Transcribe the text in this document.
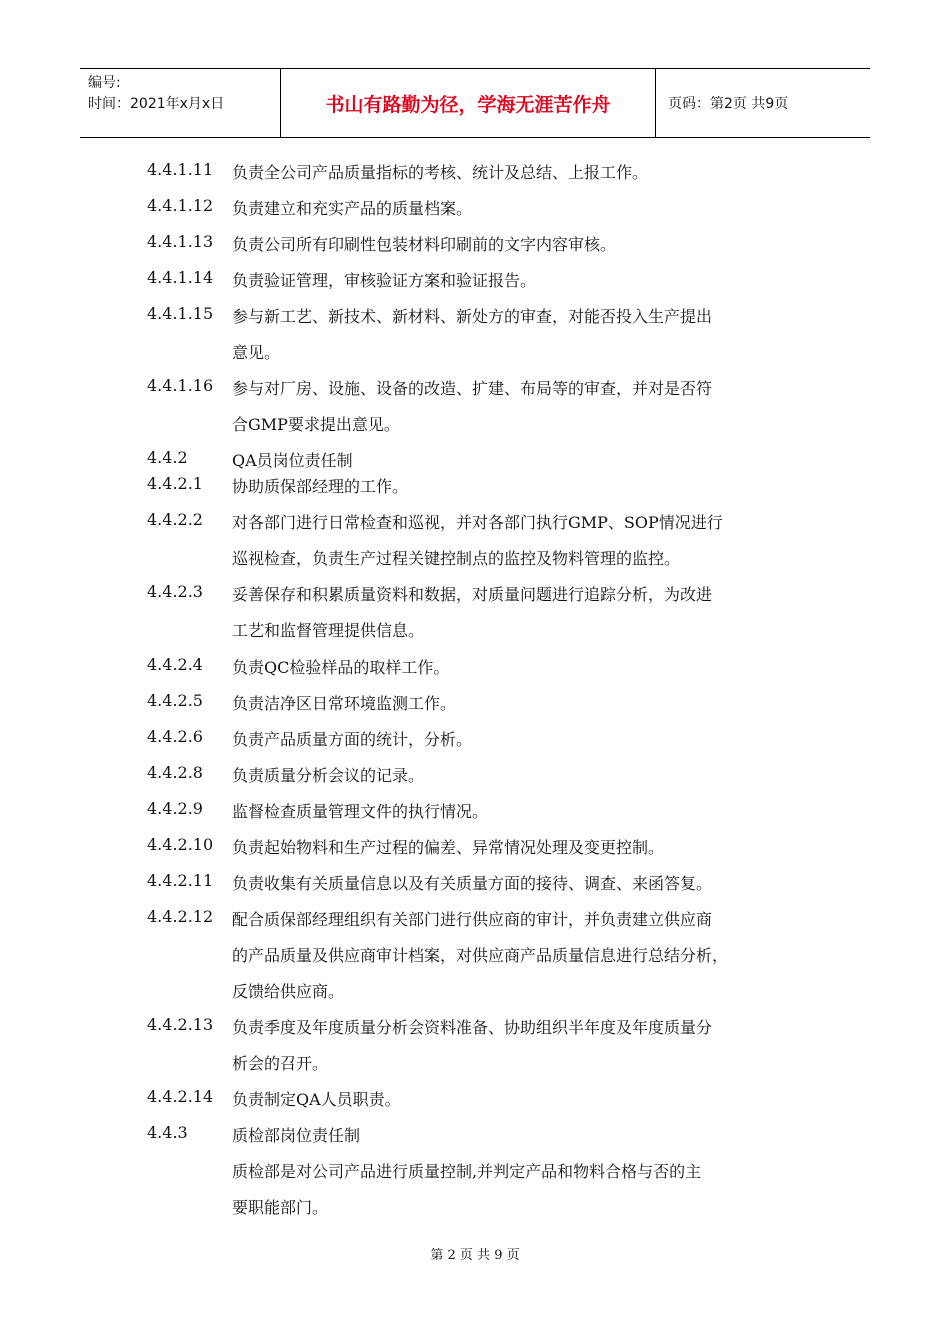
编号:
时间：2021年x月x日	书山有路勤为径，学海无涯苦作舟	页码：第2页 共9页
4.4.1.11 负责全公司产品质量指标的考核、统计及总结、上报工作。
4.4.1.12 负责建立和充实产品的质量档案。
4.4.1.13 负责公司所有印刷性包装材料印刷前的文字内容审核。
4.4.1.14 负责验证管理，审核验证方案和验证报告。
4.4.1.15 参与新工艺、新技术、新材料、新处方的审查，对能否投入生产提出
意见。
4.4.1.16 参与对厂房、设施、设备的改造、扩建、布局等的审查，并对是否符
合GMP要求提出意见。
4.4.2	QA员岗位责任制
4.4.2.1 协助质保部经理的工作。
4.4.2.2 对各部门进行日常检查和巡视，并对各部门执行GMP、SOP情况进行
巡视检查，负责生产过程关键控制点的监控及物料管理的监控。
4.4.2.3 妥善保存和积累质量资料和数据，对质量问题进行追踪分析，为改进
工艺和监督管理提供信息。
4.4.2.4 负责QC检验样品的取样工作。
4.4.2.5 负责洁净区日常环境监测工作。
4.4.2.6 负责产品质量方面的统计，分析。
4.4.2.8 负责质量分析会议的记录。
4.4.2.9 监督检查质量管理文件的执行情况。
4.4.2.10 负责起始物料和生产过程的偏差、异常情况处理及变更控制。
4.4.2.11 负责收集有关质量信息以及有关质量方面的接待、调查、来函答复。
4.4.2.12 配合质保部经理组织有关部门进行供应商的审计，并负责建立供应商
的产品质量及供应商审计档案，对供应商产品质量信息进行总结分析，
反馈给供应商。
4.4.2.13 负责季度及年度质量分析会资料准备、协助组织半年度及年度质量分
析会的召开。
4.4.2.14 负责制定QA人员职责。
4.4.3	质检部岗位责任制
质检部是对公司产品进行质量控制,并判定产品和物料合格与否的主
要职能部门。
第 2 页 共 9 页
